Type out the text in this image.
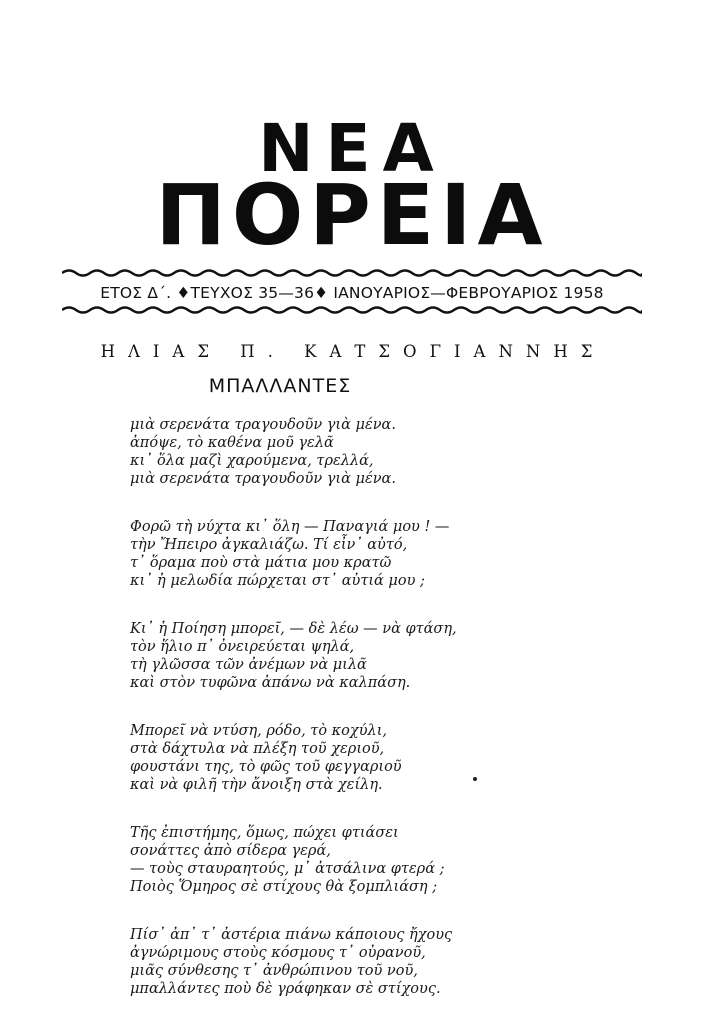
ΝΕΑ
ΠΟΡΕΙΑ
ΕΤΟΣ Δ΄. ♦ΤΕΥΧΟΣ 35—36♦ ΙΑΝΟΥΑΡΙΟΣ—ΦΕΒΡΟΥΑΡΙΟΣ 1958
ΗΛΙΑΣ Π. ΚΑΤΣΟΓΙΑΝΝΗΣ
ΜΠΑΛΛΑΝΤΕΣ
μιὰ σερενάτα τραγουδοῦν γιὰ μένα.
ἀπόψε, τὸ καθένα μοῦ γελᾶ
κι᾿ ὅλα μαζὶ χαρούμενα, τρελλά,
μιὰ σερενάτα τραγουδοῦν γιὰ μένα.
Φορῶ τὴ νύχτα κι᾿ ὅλη — Παναγιά μου ! —
τὴν Ἤπειρο ἀγκαλιάζω. Τί εἶν᾿ αὐτό,
τ᾿ ὅραμα ποὺ στὰ μάτια μου κρατῶ
κι᾿ ἡ μελωδία πώρχεται στ᾿ αὐτιά μου ;
Κι᾿ ἡ Ποίηση μπορεῖ, — δὲ λέω — νὰ φτάση,
τὸν ἥλιο π᾿ ὀνειρεύεται ψηλά,
τὴ γλῶσσα τῶν ἀνέμων νὰ μιλᾶ
καὶ στὸν τυφῶνα ἀπάνω νὰ καλπάση.
Μπορεῖ νὰ ντύση, ρόδο, τὸ κοχύλι,
στὰ δάχτυλα νὰ πλέξη τοῦ χεριοῦ,
φουστάνι της, τὸ φῶς τοῦ φεγγαριοῦ
καὶ νὰ φιλῆ τὴν ἄνοιξη στὰ χείλη.
Τῆς ἐπιστήμης, ὅμως, πώχει φτιάσει
σονάττες ἀπὸ σίδερα γερά,
— τοὺς σταυραητούς, μ᾿ ἀτσάλινα φτερά ;
Ποιὸς Ὅμηρος σὲ στίχους θὰ ξομπλιάση ;
Πίσ᾿ ἀπ᾿ τ᾿ ἀστέρια πιάνω κάποιους ἤχους
ἀγνώριμους στοὺς κόσμους τ᾿ οὐρανοῦ,
μιᾶς σύνθεσης τ᾿ ἀνθρώπινου τοῦ νοῦ,
μπαλλάντες ποὺ δὲ γράφηκαν σὲ στίχους.
